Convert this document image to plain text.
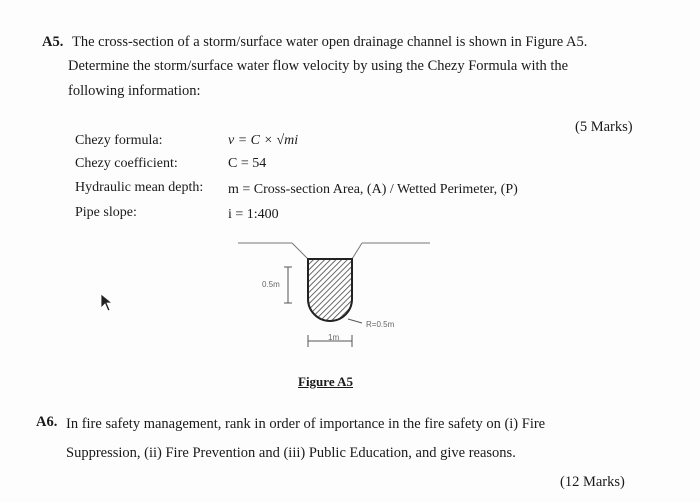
A5. The cross-section of a storm/surface water open drainage channel is shown in Figure A5.
Determine the storm/surface water flow velocity by using the Chezy Formula with the
following information:
(5 Marks)
Chezy formula:	v = C × √mi
Chezy coefficient:	C = 54
Hydraulic mean depth: m = Cross-section Area, (A) / Wetted Perimeter, (P)
Pipe slope:	i = 1:400
0.5m
R=0.5m
1m
Figure A5
A6. In fire safety management, rank in order of importance in the fire safety on (i) Fire
Suppression, (ii) Fire Prevention and (iii) Public Education, and give reasons.
(12 Marks)
